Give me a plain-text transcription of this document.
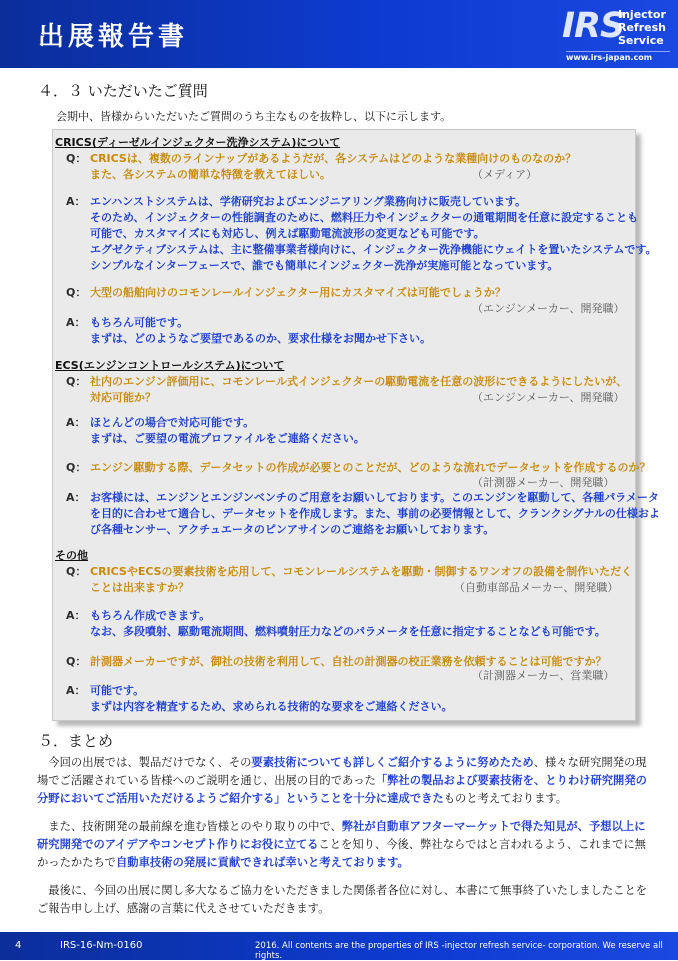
出展報告書	IRS
Injector
Refresh
Service
www.irs-japan.com
４．３ いただいたご質問
会期中、皆様からいただいたご質問のうち主なものを抜粋し、以下に示します。
CRICS(ディーゼルインジェクター洗浄システム)について
Q： CRICSは、複数のラインナップがあるようだが、各システムはどのような業種向けのものなのか？
また、各システムの簡単な特徴を教えてほしい。	（メディア）
A： エンハンストシステムは、学術研究およびエンジニアリング業務向けに販売しています。
そのため、インジェクターの性能調査のために、燃料圧力やインジェクターの通電期間を任意に設定することも
可能で、カスタマイズにも対応し、例えば駆動電流波形の変更なども可能です。
エグゼクティブシステムは、主に整備事業者様向けに、インジェクター洗浄機能にウェイトを置いたシステムです。
シンプルなインターフェースで、誰でも簡単にインジェクター洗浄が実施可能となっています。
Q： 大型の船舶向けのコモンレールインジェクター用にカスタマイズは可能でしょうか？
（エンジンメーカー、開発職）
A： もちろん可能です。
まずは、どのようなご要望であるのか、要求仕様をお聞かせ下さい。
ECS(エンジンコントロールシステム)について
Q： 社内のエンジン評価用に、コモンレール式インジェクターの駆動電流を任意の波形にできるようにしたいが、
対応可能か？	（エンジンメーカー、開発職）
A： ほとんどの場合で対応可能です。
まずは、ご要望の電流プロファイルをご連絡ください。
Q： エンジン駆動する際、データセットの作成が必要とのことだが、どのような流れでデータセットを作成するのか？
（計測器メーカー、開発職）
A： お客様には、エンジンとエンジンベンチのご用意をお願いしております。このエンジンを駆動して、各種パラメータ
を目的に合わせて適合し、データセットを作成します。また、事前の必要情報として、クランクシグナルの仕様およ
び各種センサー、アクチュエータのピンアサインのご連絡をお願いしております。
その他
Q： CRICSやECSの要素技術を応用して、コモンレールシステムを駆動・制御するワンオフの設備を制作いただく
ことは出来ますか？	（自動車部品メーカー、開発職）
A： もちろん作成できます。
なお、多段噴射、駆動電流期間、燃料噴射圧力などのパラメータを任意に指定することなども可能です。
Q： 計測器メーカーですが、御社の技術を利用して、自社の計測器の校正業務を依頼することは可能ですか？
（計測器メーカー、営業職）
A： 可能です。
まずは内容を精査するため、求められる技術的な要求をご連絡ください。
５．まとめ
　今回の出展では、製品だけでなく、その要素技術についても詳しくご紹介するように努めたため、様々な研究開発の現場でご活躍されている皆様へのご説明を通じ、出展の目的であった「弊社の製品および要素技術を、とりわけ研究開発の分野においてご活用いただけるようご紹介する」ということを十分に達成できたものと考えております。
　また、技術開発の最前線を進む皆様とのやり取りの中で、弊社が自動車アフターマーケットで得た知見が、予想以上に研究開発でのアイデアやコンセプト作りにお役に立てることを知り、今後、弊社ならではと言われるよう、これまでに無かったかたちで自動車技術の発展に貢献できれば幸いと考えております。
　最後に、今回の出展に関し多大なるご協力をいただきました関係者各位に対し、本書にて無事終了いたしましたことをご報告申し上げ、感謝の言葉に代えさせていただきます。
4	IRS-16-Nm-0160	2016. All contents are the properties of IRS -injector refresh service- corporation. We reserve all rights.
